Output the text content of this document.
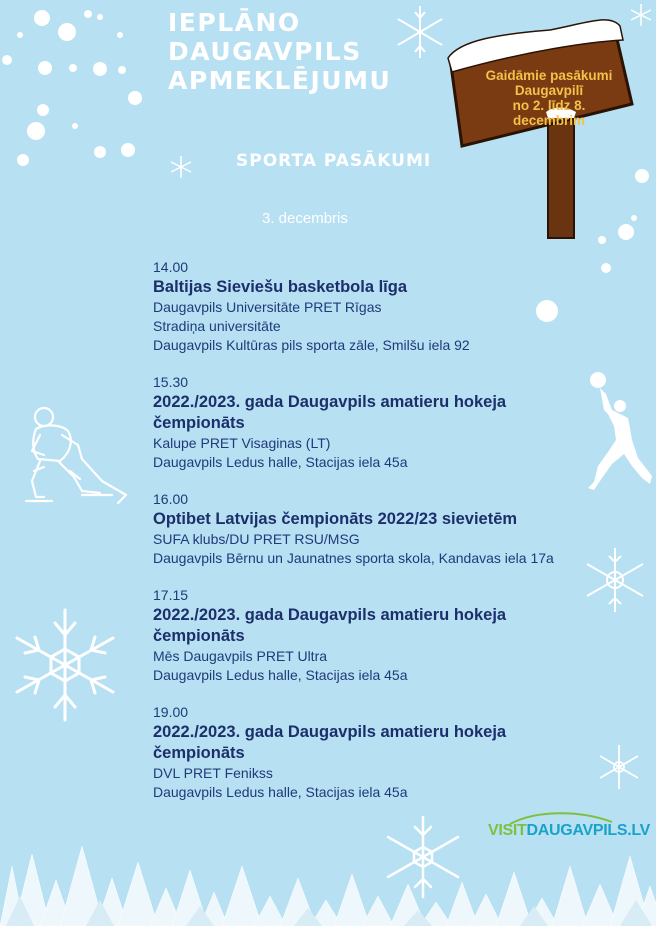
IEPLĀNO
DAUGAVPILS
APMEKLĒJUMU	Gaidāmie pasākumi
Daugavpilī
no 2. līdz 8.
decembrim
SPORTA PASĀKUMI
3. decembris
14.00
Baltijas Sieviešu basketbola līga
Daugavpils Universitāte PRET Rīgas
Stradiņa universitāte
Daugavpils Kultūras pils sporta zāle, Smilšu iela 92
15.30
2022./2023. gada Daugavpils amatieru hokeja
čempionāts
Kalupe PRET Visaginas (LT)
Daugavpils Ledus halle, Stacijas iela 45a
16.00
Optibet Latvijas čempionāts 2022/23 sievietēm
SUFA klubs/DU PRET RSU/MSG
Daugavpils Bērnu un Jaunatnes sporta skola, Kandavas iela 17a
17.15
2022./2023. gada Daugavpils amatieru hokeja
čempionāts
Mēs Daugavpils PRET Ultra
Daugavpils Ledus halle, Stacijas iela 45a
19.00
2022./2023. gada Daugavpils amatieru hokeja
čempionāts
DVL PRET Fenikss
Daugavpils Ledus halle, Stacijas iela 45a
VISITDAUGAVPILS.LV
